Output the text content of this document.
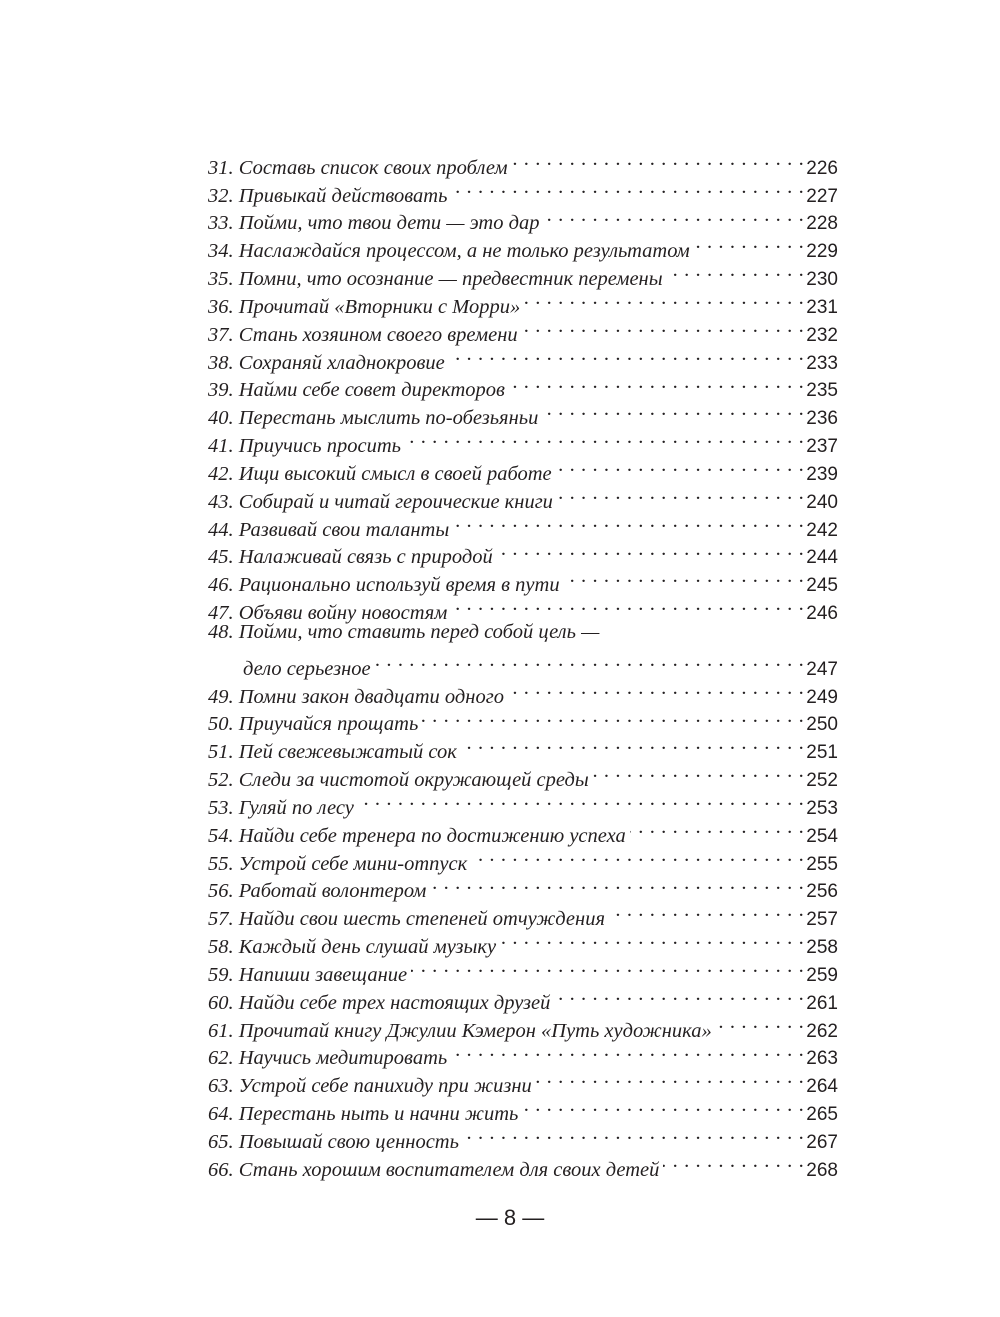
31.
Составь список своих проблем . . .	226
32.
Привыкай действовать . . .	227
33.
Пойми, что твои дети — это дар . . .	228
34.
Наслаждайся процессом, а не только результатом . . .	229
35.
Помни, что осознание — предвестник перемены . . .	230
36.
Прочитай «Вторники с Морри» . . .	231
37.
Стань хозяином своего времени . . .	232
38.
Сохраняй хладнокровие . . .	233
39.
Найми себе совет директоров . . .	235
40.
Перестань мыслить по-обезьяньи . . .	236
41.
Приучись просить . . .	237
42.
Ищи высокий смысл в своей работе . . .	239
43.
Собирай и читай героические книги . . .	240
44.
Развивай свои таланты . . .	242
45.
Налаживай связь с природой . . .	244
46.
Рационально используй время в пути . . .	245
47.
Объяви войну новостям . . .	246
48.
Пойми, что ставить перед собой цель —
дело серьезное . . .	247
49.
Помни закон двадцати одного . . .	249
50.
Приучайся прощать . . .	250
51.
Пей свежевыжатый сок . . .	251
52.
Следи за чистотой окружающей среды . . .	252
53.
Гуляй по лесу . . .	253
54.
Найди себе тренера по достижению успеха . . .	254
55.
Устрой себе мини-отпуск . . .	255
56.
Работай волонтером . . .	256
57.
Найди свои шесть степеней отчуждения . . .	257
58.
Каждый день слушай музыку . . .	258
59.
Напиши завещание . . .	259
60.
Найди себе трех настоящих друзей . . .	261
61.
Прочитай книгу Джулии Кэмерон «Путь художника» . . .	262
62.
Научись медитировать . . .	263
63.
Устрой себе панихиду при жизни . . .	264
64.
Перестань ныть и начни жить . . .	265
65.
Повышай свою ценность . . .	267
66.
Стань хорошим воспитателем для своих детей . . .	268
— 8 —
